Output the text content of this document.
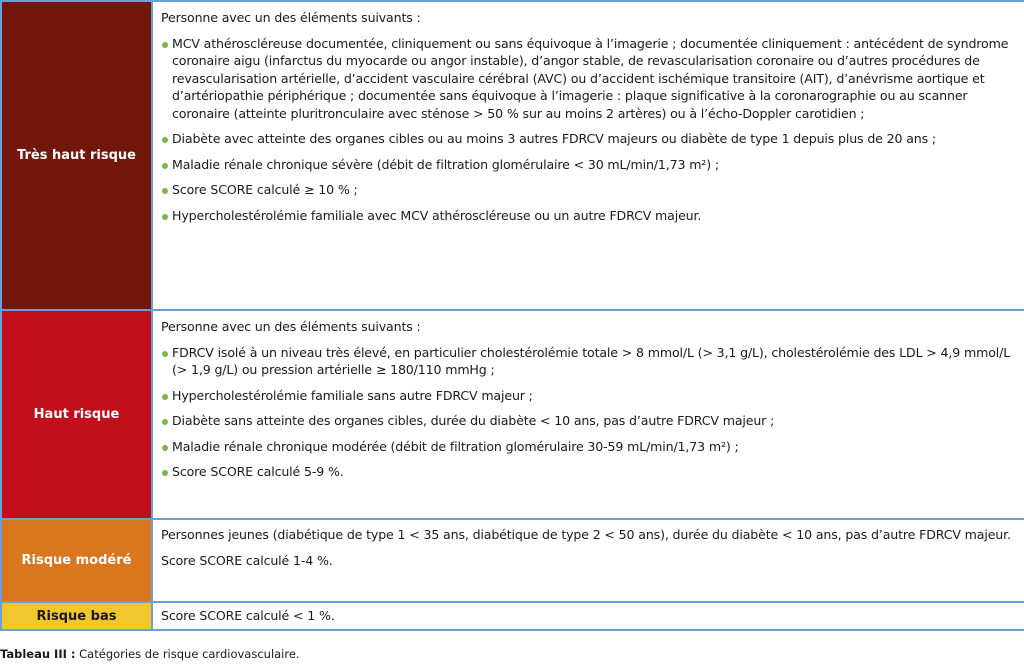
Très haut risque

Personne avec un des éléments suivants :

MCV athéroscléreuse documentée, cliniquement ou sans équivoque à l’imagerie ; documentée cliniquement : antécédent de syndrome coronaire aigu (infarctus du myocarde ou angor instable), d’angor stable, de revascularisation coronaire ou d’autres procédures de revascularisation artérielle, d’accident vasculaire cérébral (AVC) ou d’accident ischémique transitoire (AIT), d’anévrisme aortique et d’artériopathie périphérique ; documentée sans équivoque à l’imagerie : plaque significative à la coronarographie ou au scanner coronaire (atteinte pluritronculaire avec sténose > 50 % sur au moins 2 artères) ou à l’écho-Doppler carotidien ;
Diabète avec atteinte des organes cibles ou au moins 3 autres FDRCV majeurs ou diabète de type 1 depuis plus de 20 ans ;
Maladie rénale chronique sévère (débit de filtration glomérulaire < 30 mL/min/1,73 m²) ;
Score SCORE calculé ≥ 10 % ;
Hypercholestérolémie familiale avec MCV athéroscléreuse ou un autre FDRCV majeur.
Haut risque

Personne avec un des éléments suivants :

FDRCV isolé à un niveau très élevé, en particulier cholestérolémie totale > 8 mmol/L (> 3,1 g/L), cholestérolémie des LDL > 4,9 mmol/L (> 1,9 g/L) ou pression artérielle ≥ 180/110 mmHg ;
Hypercholestérolémie familiale sans autre FDRCV majeur ;
Diabète sans atteinte des organes cibles, durée du diabète < 10 ans, pas d’autre FDRCV majeur ;
Maladie rénale chronique modérée (débit de filtration glomérulaire 30-59 mL/min/1,73 m²) ;
Score SCORE calculé 5-9 %.
Risque modéré

Personnes jeunes (diabétique de type 1 < 35 ans, diabétique de type 2 < 50 ans), durée du diabète < 10 ans, pas d’autre FDRCV majeur.

Score SCORE calculé 1-4 %.

Risque bas	Score SCORE calculé < 1 %.

Tableau III : Catégories de risque cardiovasculaire.
